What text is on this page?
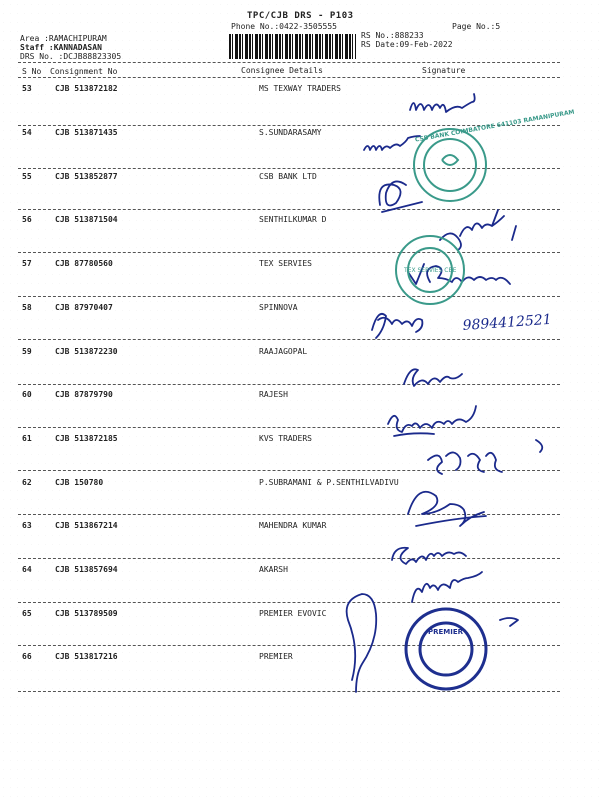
TPC/CJB DRS - P103
Phone No.:0422-3505555	Page No.:5
Area :RAMACHIPURAM
Staff :KANNADASAN
DRS No. :DCJB88823305
RS No.:888233
RS Date:09-Feb-2022
S No Consignment No	Consignee Details	Signature
53	CJB 513872182	MS TEXWAY TRADERS
54	CJB 513871435	S.SUNDARASAMY
55	CJB 513852877	CSB BANK LTD
56	CJB 513871504	SENTHILKUMAR D
57	CJB 87780560	TEX SERVIES
58	CJB 87970407	SPINNOVA
59	CJB 513872230	RAAJAGOPAL
60	CJB 87879790	RAJESH
61	CJB 513872185	KVS TRADERS
62	CJB 150780	P.SUBRAMANI & P.SENTHILVADIVU
63	CJB 513867214	MAHENDRA KUMAR
64	CJB 513857694	AKARSH
65	CJB 513789509	PREMIER EVOVIC
66	CJB 513817216	PREMIER
CSB BANK COIMBATORE 641103 RAMANIPURAM
TEX SERVIES CBE
PREMIER
9894412521
